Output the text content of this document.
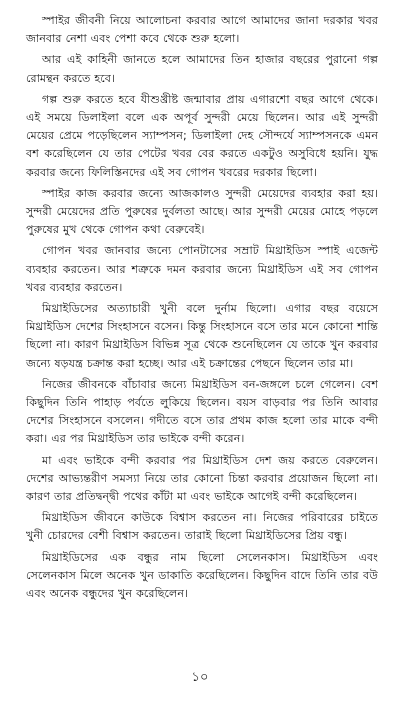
স্পাইর জীবনী নিয়ে আলোচনা করবার আগে আমাদের জানা দরকার খবর জানবার নেশা এবং পেশা কবে থেকে শুরু হলো।

আর এই কাহিনী জানতে হলে আমাদের তিন হাজার বছরের পুরানো গল্প রোমন্থন করতে হবে।

গল্প শুরু করতে হবে যীশুখ্রীষ্ট জন্মাবার প্রায় এগারশো বছর আগে থেকে। এই সময়ে ডিলাইলা বলে এক অপূর্ব সুন্দরী মেয়ে ছিলেন। আর এই সুন্দরী মেয়ের প্রেমে পড়েছিলেন স্যাম্পসন; ডিলাইলা দেহ সৌন্দর্যে স্যাম্পসনকে এমন বশ করেছিলেন যে তার পেটের খবর বের করতে একটুও অসুবিধে হয়নি। যুদ্ধ করবার জন্যে ফিলিস্তিনদের এই সব গোপন খবরের দরকার ছিলো।

স্পাইর কাজ করবার জন্যে আজকালও সুন্দরী মেয়েদের ব্যবহার করা হয়। সুন্দরী মেয়েদের প্রতি পুরুষের দুর্বলতা আছে। আর সুন্দরী মেয়ের মোহে পড়লে পুরুষের মুখ থেকে গোপন কথা বেরুবেই।

গোপন খবর জানবার জন্যে পোনটাসের সম্রাট মিথ্রাইডিস স্পাই এজেন্ট ব্যবহার করতেন। আর শত্রুকে দমন করবার জন্যে মিথ্রাইডিস এই সব গোপন খবর ব্যবহার করতেন।

মিথ্রাইডিসের অত্যাচারী খুনী বলে দুর্নাম ছিলো। এগার বছর বয়েসে মিথ্রাইডিস দেশের সিংহাসনে বসেন। কিন্তু সিংহাসনে বসে তার মনে কোনো শান্তি ছিলো না। কারণ মিথ্রাইডিস বিভিন্ন সূত্র থেকে শুনেছিলেন যে তাকে খুন করবার জন্যে ষড়যন্ত্র চক্রান্ত করা হচ্ছে। আর এই চক্রান্তের পেছনে ছিলেন তার মা।

নিজের জীবনকে বাঁচাবার জন্যে মিথ্রাইডিস বন-জঙ্গলে চলে গেলেন। বেশ কিছুদিন তিনি পাহাড় পর্বতে লুকিয়ে ছিলেন। বয়স বাড়বার পর তিনি আবার দেশের সিংহাসনে বসলেন। গদীতে বসে তার প্রথম কাজ হলো তার মাকে বন্দী করা। এর পর মিথ্রাইডিস তার ভাইকে বন্দী করেন।

মা এবং ভাইকে বন্দী করবার পর মিথ্রাইডিস দেশ জয় করতে বেরুলেন। দেশের আভ্যন্তরীণ সমস্যা নিয়ে তার কোনো চিন্তা করবার প্রয়োজন ছিলো না। কারণ তার প্রতিদ্বন্দ্বী পথের কাঁটা মা এবং ভাইকে আগেই বন্দী করেছিলেন।

মিথ্রাইডিস জীবনে কাউকে বিশ্বাস করতেন না। নিজের পরিবারের চাইতে খুনী চোরদের বেশী বিশ্বাস করতেন। তারাই ছিলো মিথ্রাইডিসের প্রিয় বন্ধু।

মিথ্রাইডিসের এক বন্ধুর নাম ছিলো সেলেনকাস। মিথ্রাইডিস এবং সেলেনকাস মিলে অনেক খুন ডাকাতি করেছিলেন। কিছুদিন বাদে তিনি তার বউ এবং অনেক বন্ধুদের খুন করেছিলেন।

১০
